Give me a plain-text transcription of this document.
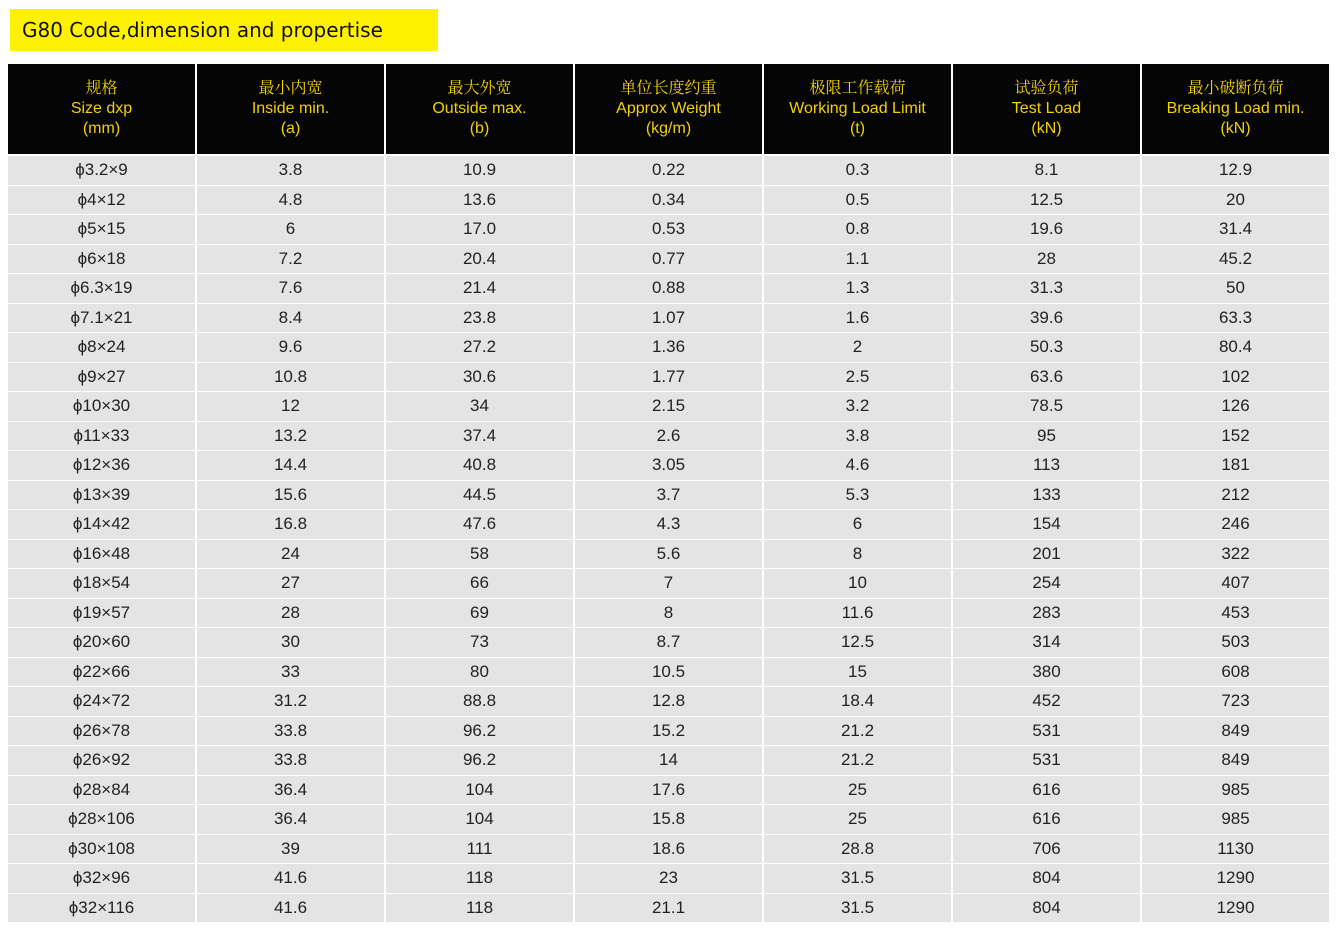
G80 Code,dimension and propertise
规格
Size dxp
(mm)	最小内宽
Inside min.
(a)	最大外宽
Outside max.
(b)	单位长度约重
Approx Weight
(kg/m)	极限工作载荷
Working Load Limit
(t)	试验负荷
Test Load
(kN)	最小破断负荷
Breaking Load min.
(kN)

ϕ3.2×9	3.8	10.9	0.22	0.3	8.1	12.9
ϕ4×12	4.8	13.6	0.34	0.5	12.5	20
ϕ5×15	6	17.0	0.53	0.8	19.6	31.4
ϕ6×18	7.2	20.4	0.77	1.1	28	45.2
ϕ6.3×19	7.6	21.4	0.88	1.3	31.3	50
ϕ7.1×21	8.4	23.8	1.07	1.6	39.6	63.3
ϕ8×24	9.6	27.2	1.36	2	50.3	80.4
ϕ9×27	10.8	30.6	1.77	2.5	63.6	102
ϕ10×30	12	34	2.15	3.2	78.5	126
ϕ11×33	13.2	37.4	2.6	3.8	95	152
ϕ12×36	14.4	40.8	3.05	4.6	113	181
ϕ13×39	15.6	44.5	3.7	5.3	133	212
ϕ14×42	16.8	47.6	4.3	6	154	246
ϕ16×48	24	58	5.6	8	201	322
ϕ18×54	27	66	7	10	254	407
ϕ19×57	28	69	8	11.6	283	453
ϕ20×60	30	73	8.7	12.5	314	503
ϕ22×66	33	80	10.5	15	380	608
ϕ24×72	31.2	88.8	12.8	18.4	452	723
ϕ26×78	33.8	96.2	15.2	21.2	531	849
ϕ26×92	33.8	96.2	14	21.2	531	849
ϕ28×84	36.4	104	17.6	25	616	985
ϕ28×106	36.4	104	15.8	25	616	985
ϕ30×108	39	111	18.6	28.8	706	1130
ϕ32×96	41.6	118	23	31.5	804	1290
ϕ32×116	41.6	118	21.1	31.5	804	1290
